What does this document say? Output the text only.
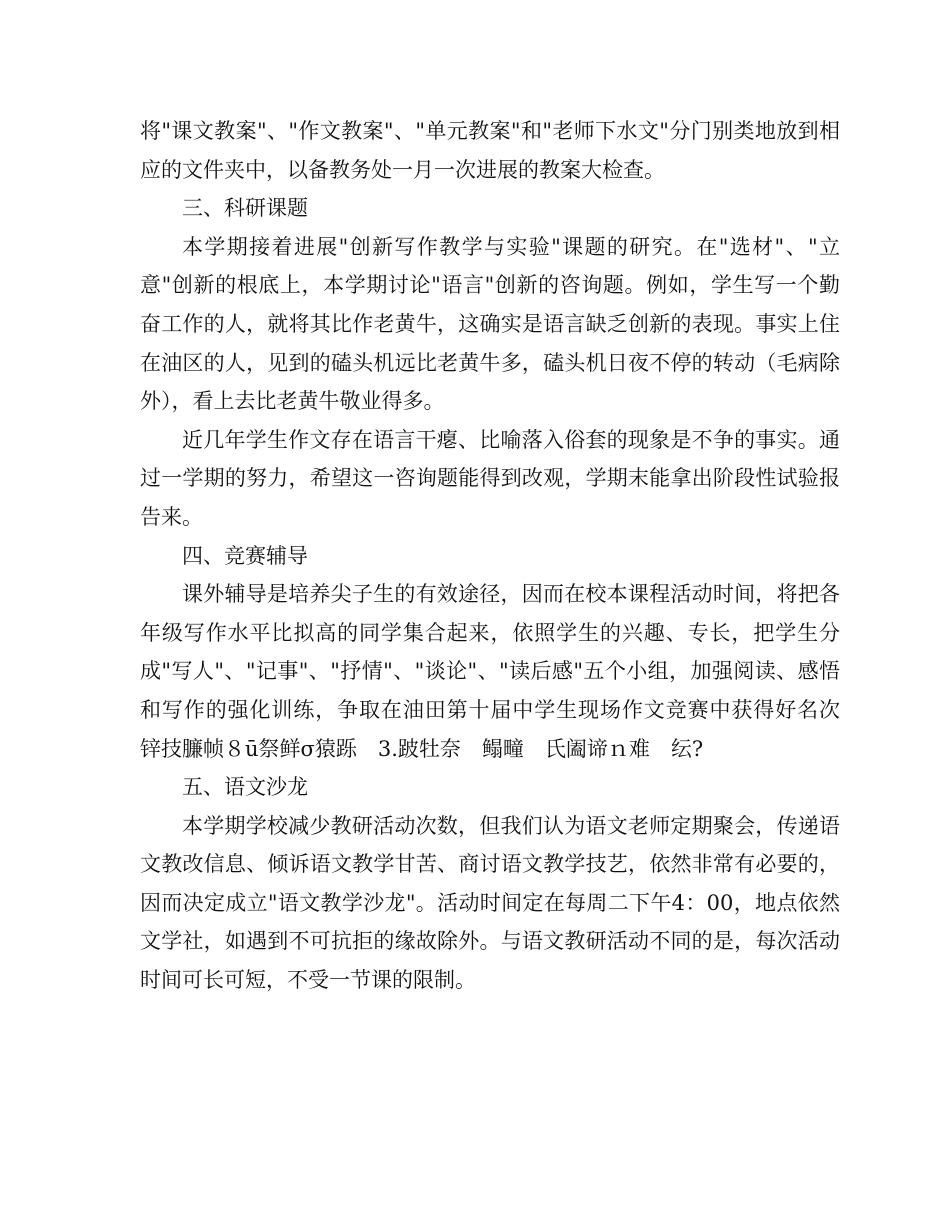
将"课文教案"、"作文教案"、"单元教案"和"老师下水文"分门别类地放到相应的文件夹中，以备教务处一月一次进展的教案大检查。

三、科研课题

本学期接着进展"创新写作教学与实验"课题的研究。在"选材"、"立意"创新的根底上，本学期讨论"语言"创新的咨询题。例如，学生写一个勤奋工作的人，就将其比作老黄牛，这确实是语言缺乏创新的表现。事实上住在油区的人，见到的磕头机远比老黄牛多，磕头机日夜不停的转动（毛病除外），看上去比老黄牛敬业得多。

近几年学生作文存在语言干瘪、比喻落入俗套的现象是不争的事实。通过一学期的努力，希望这一咨询题能得到改观，学期末能拿出阶段性试验报告来。

四、竞赛辅导

课外辅导是培养尖子生的有效途径，因而在校本课程活动时间，将把各年级写作水平比拟高的同学集合起来，依照学生的兴趣、专长，把学生分成"写人"、"记事"、"抒情"、"谈论"、"读后感"五个小组，加强阅读、感悟和写作的强化训练，争取在油田第十届中学生现场作文竞赛中获得好名次　　锌技臁帧８ū祭鲜σ猿跞　3.跛牡奈　鳎疃　氏阖谛ｎ难　纭?

五、语文沙龙

本学期学校减少教研活动次数，但我们认为语文老师定期聚会，传递语文教改信息、倾诉语文教学甘苦、商讨语文教学技艺，依然非常有必要的，因而决定成立"语文教学沙龙"。活动时间定在每周二下午4：00，地点依然文学社，如遇到不可抗拒的缘故除外。与语文教研活动不同的是，每次活动时间可长可短，不受一节课的限制。
